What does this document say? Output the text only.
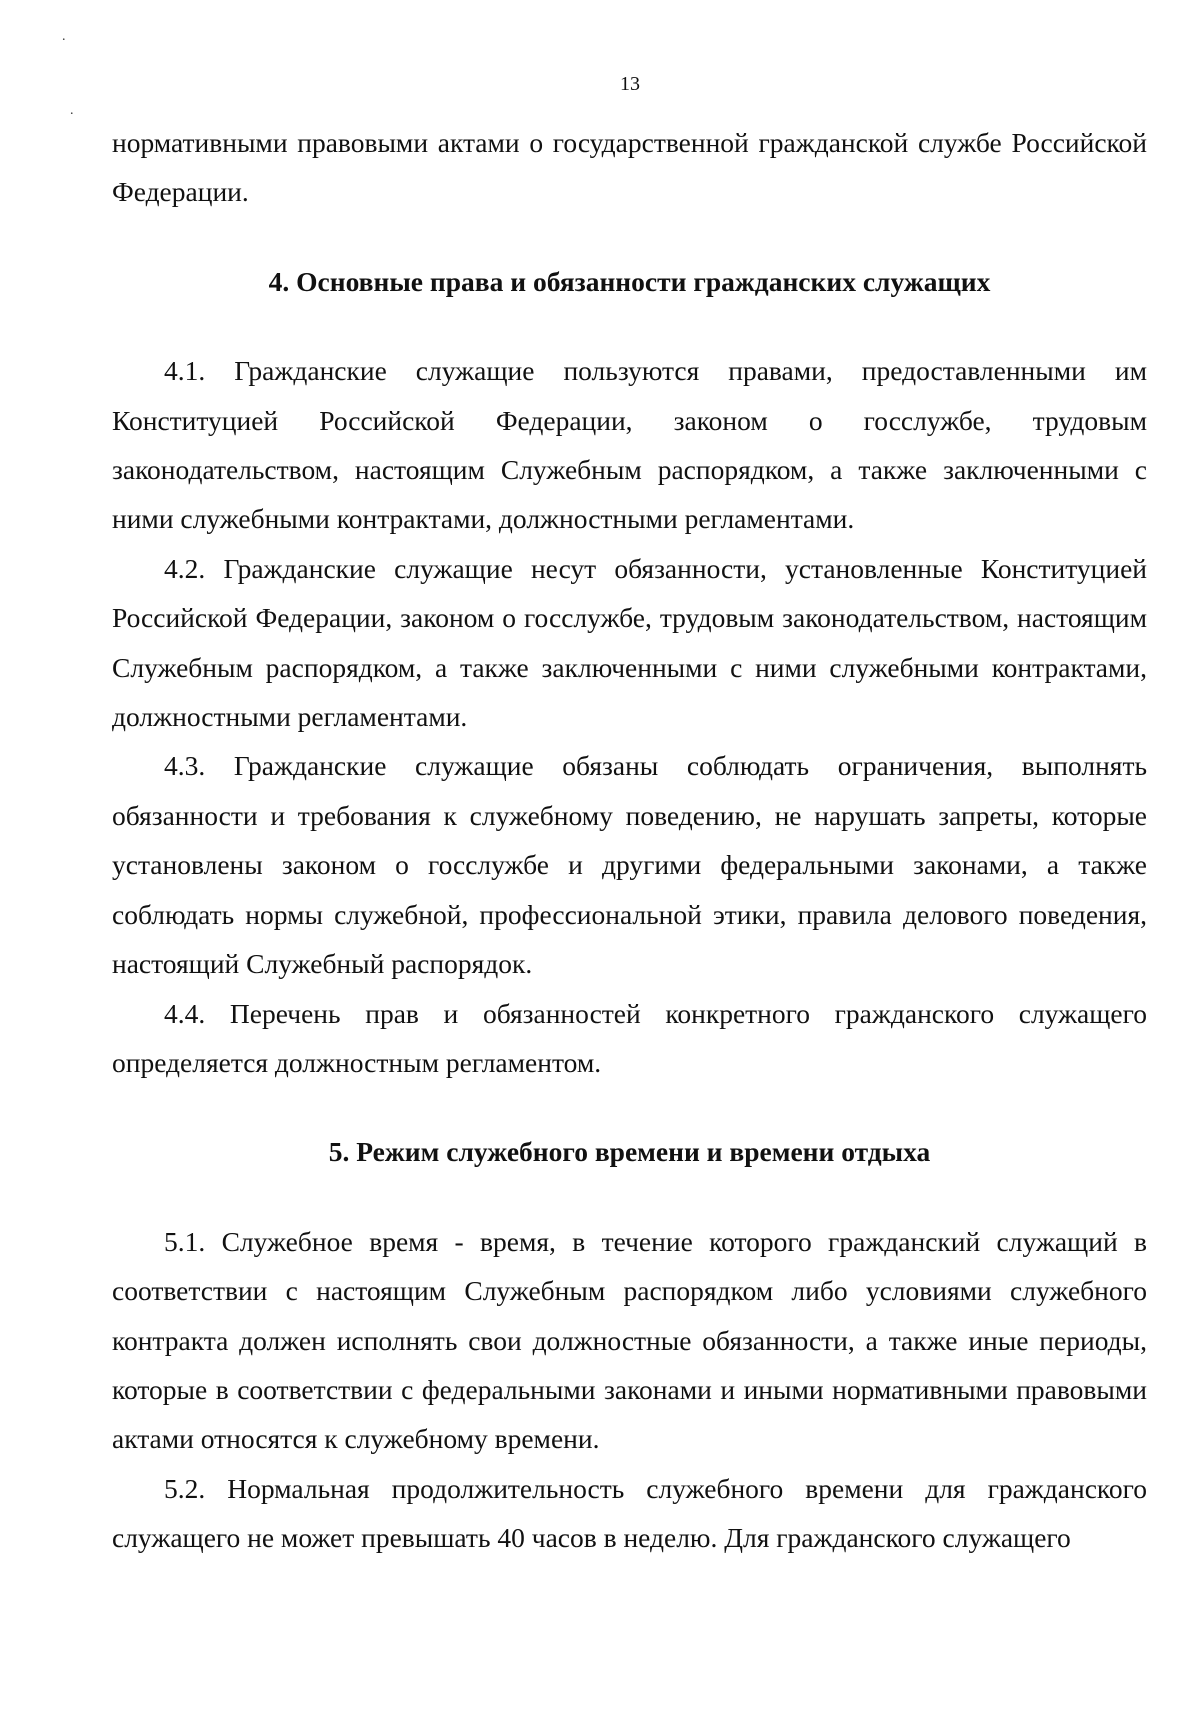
.
.
13

нормативными правовыми актами о государственной гражданской службе Российской Федерации.

4. Основные права и обязанности гражданских служащих

4.1. Гражданские служащие пользуются правами, предоставленными им Конституцией Российской Федерации, законом о госслужбе, трудовым законодательством, настоящим Служебным распорядком, а также заключенными с ними служебными контрактами, должностными регламентами.

4.2. Гражданские служащие несут обязанности, установленные Конституцией Российской Федерации, законом о госслужбе, трудовым законодательством, настоящим Служебным распорядком, а также заключенными с ними служебными контрактами, должностными регламентами.

4.3. Гражданские служащие обязаны соблюдать ограничения, выполнять обязанности и требования к служебному поведению, не нарушать запреты, которые установлены законом о госслужбе и другими федеральными законами, а также соблюдать нормы служебной, профессиональной этики, правила делового поведения, настоящий Служебный распорядок.

4.4. Перечень прав и обязанностей конкретного гражданского служащего определяется должностным регламентом.

5. Режим служебного времени и времени отдыха

5.1. Служебное время - время, в течение которого гражданский служащий в соответствии с настоящим Служебным распорядком либо условиями служебного контракта должен исполнять свои должностные обязанности, а также иные периоды, которые в соответствии с федеральными законами и иными нормативными правовыми актами относятся к служебному времени.

5.2. Нормальная продолжительность служебного времени для гражданского служащего не может превышать 40 часов в неделю. Для гражданского служащего
